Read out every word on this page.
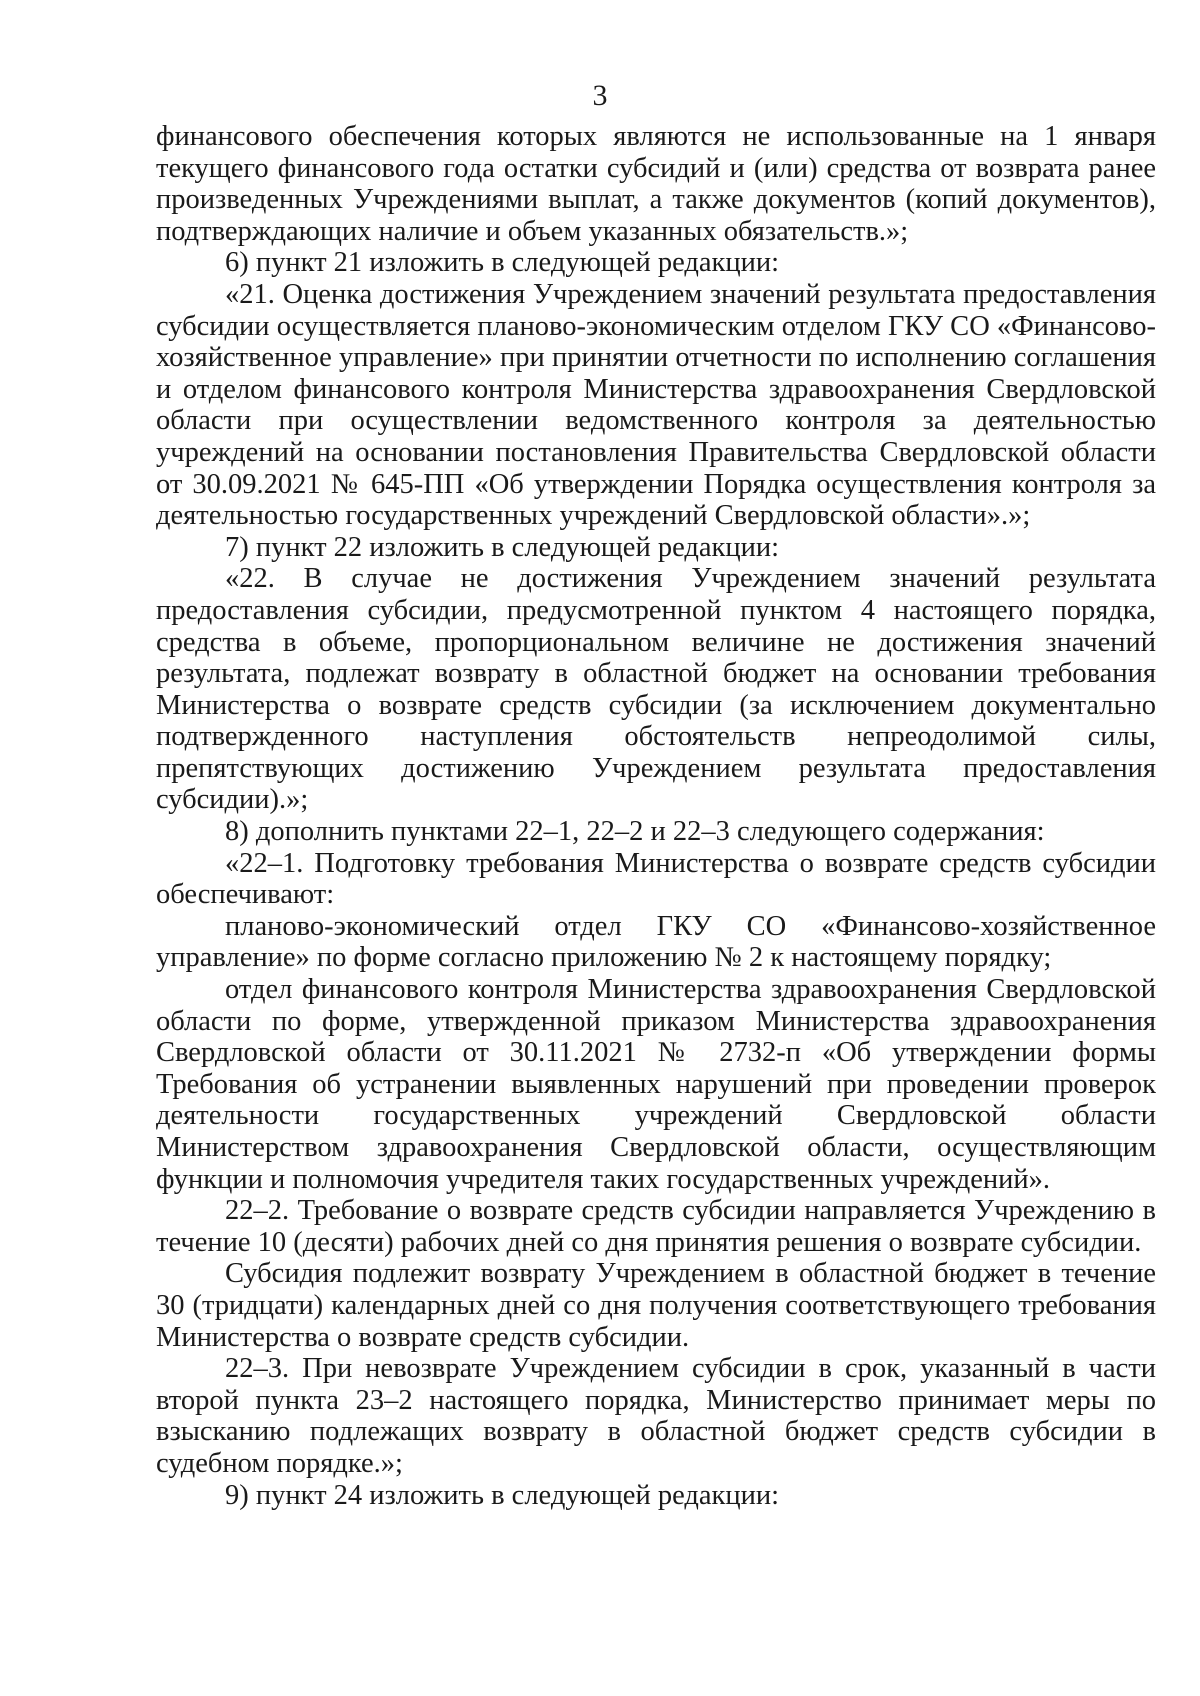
3

финансового обеспечения которых являются не использованные на 1 января текущего финансового года остатки субсидий и (или) средства от возврата ранее произведенных Учреждениями выплат, а также документов (копий документов), подтверждающих наличие и объем указанных обязательств.»;

6) пункт 21 изложить в следующей редакции:

«21. Оценка достижения Учреждением значений результата предоставления субсидии осуществляется планово-экономическим отделом ГКУ СО «Финансово-хозяйственное управление» при принятии отчетности по исполнению соглашения и отделом финансового контроля Министерства здравоохранения Свердловской области при осуществлении ведомственного контроля за деятельностью учреждений на основании постановления Правительства Свердловской области от 30.09.2021 № 645-ПП «Об утверждении Порядка осуществления контроля за деятельностью государственных учреждений Свердловской области».»;

7) пункт 22 изложить в следующей редакции:

«22. В случае не достижения Учреждением значений результата предоставления субсидии, предусмотренной пунктом 4 настоящего порядка, средства в объеме, пропорциональном величине не достижения значений результата, подлежат возврату в областной бюджет на основании требования Министерства о возврате средств субсидии (за исключением документально подтвержденного наступления обстоятельств непреодолимой силы, препятствующих достижению Учреждением результата предоставления субсидии).»;

8) дополнить пунктами 22–1, 22–2 и 22–3 следующего содержания:

«22–1. Подготовку требования Министерства о возврате средств субсидии обеспечивают:

планово-экономический отдел ГКУ СО «Финансово-хозяйственное управление» по форме согласно приложению № 2 к настоящему порядку;

отдел финансового контроля Министерства здравоохранения Свердловской области по форме, утвержденной приказом Министерства здравоохранения Свердловской области от 30.11.2021 № 2732-п «Об утверждении формы Требования об устранении выявленных нарушений при проведении проверок деятельности государственных учреждений Свердловской области Министерством здравоохранения Свердловской области, осуществляющим функции и полномочия учредителя таких государственных учреждений».

22–2. Требование о возврате средств субсидии направляется Учреждению в течение 10 (десяти) рабочих дней со дня принятия решения о возврате субсидии.

Субсидия подлежит возврату Учреждением в областной бюджет в течение 30 (тридцати) календарных дней со дня получения соответствующего требования Министерства о возврате средств субсидии.

22–3. При невозврате Учреждением субсидии в срок, указанный в части второй пункта 23–2 настоящего порядка, Министерство принимает меры по взысканию подлежащих возврату в областной бюджет средств субсидии в судебном порядке.»;

9) пункт 24 изложить в следующей редакции:
